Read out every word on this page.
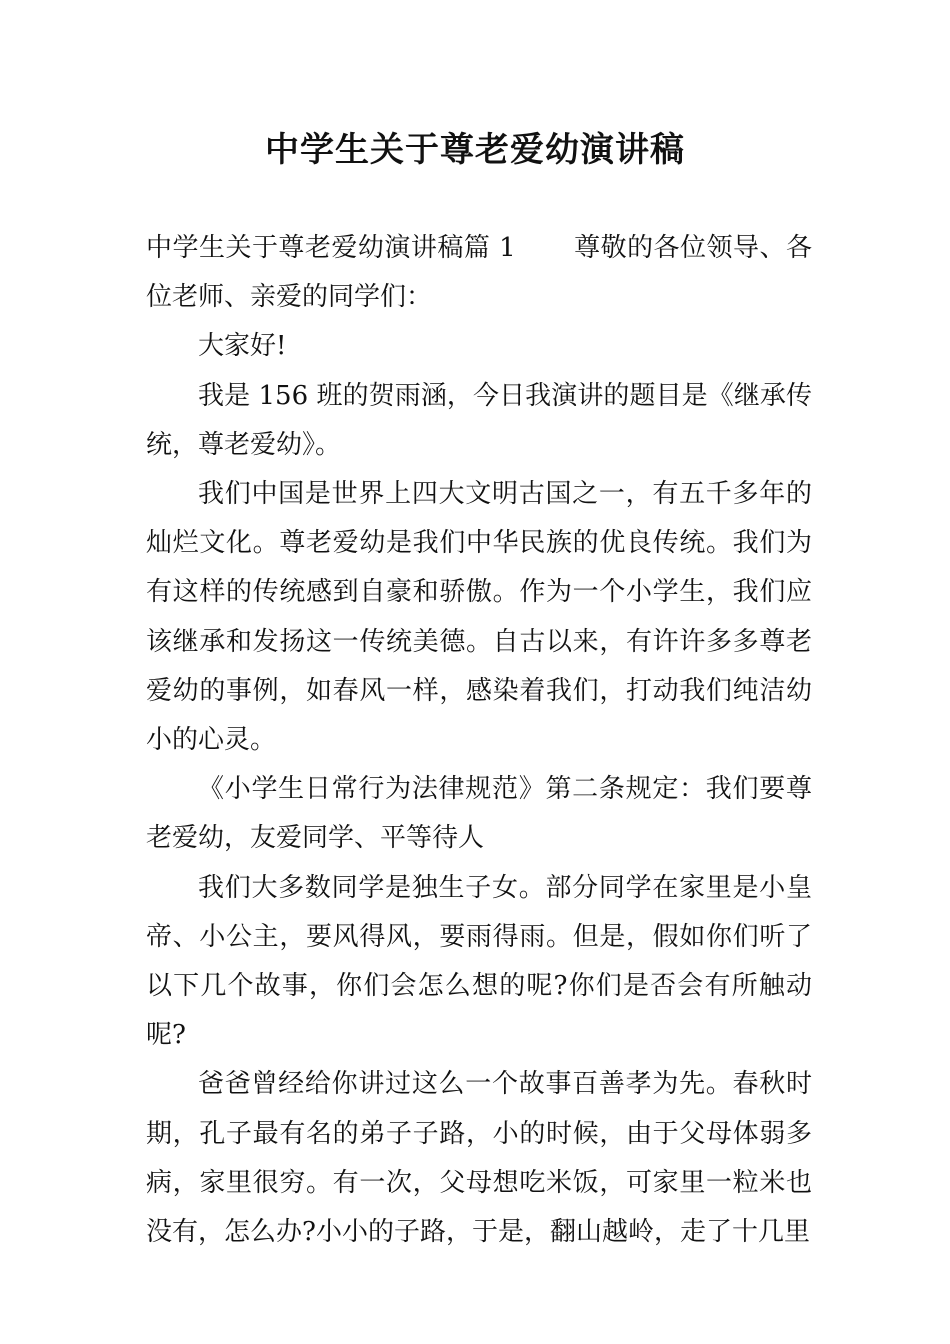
中学生关于尊老爱幼演讲稿

中学生关于尊老爱幼演讲稿篇 1 尊敬的各位领导、各位老师、亲爱的同学们：

大家好!

我是 156 班的贺雨涵，今日我演讲的题目是《继承传统，尊老爱幼》。

我们中国是世界上四大文明古国之一，有五千多年的灿烂文化。尊老爱幼是我们中华民族的优良传统。我们为有这样的传统感到自豪和骄傲。作为一个小学生，我们应该继承和发扬这一传统美德。自古以来，有许许多多尊老爱幼的事例，如春风一样，感染着我们，打动我们纯洁幼小的心灵。

《小学生日常行为法律规范》第二条规定：我们要尊老爱幼，友爱同学、平等待人

我们大多数同学是独生子女。部分同学在家里是小皇帝、小公主，要风得风，要雨得雨。但是，假如你们听了以下几个故事，你们会怎么想的呢?你们是否会有所触动呢?

爸爸曾经给你讲过这么一个故事百善孝为先。春秋时期，孔子最有名的弟子子路，小的时候，由于父母体弱多病，家里很穷。有一次，父母想吃米饭，可家里一粒米也没有，怎么办?小小的子路，于是，翻山越岭，走了十几里
